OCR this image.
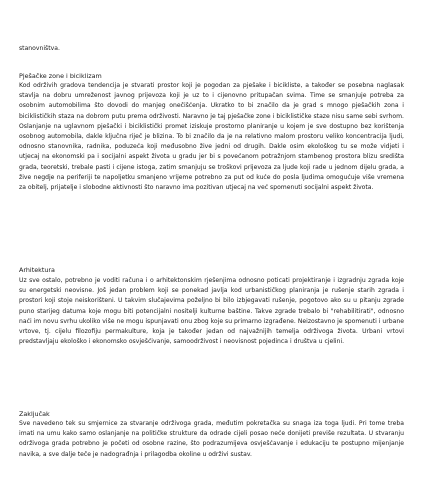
stanovništva.
Pješačke zone i biciklizam
Kod održivih gradova tendencija je stvarati prostor koji je pogodan za pješake i bicikliste, a također se posebna naglasak stavlja na dobru umreženost javnog prijevoza koji je uz to i cijenovno pritupačan svima. Time se smanjuje potreba za osobnim automobilima što dovodi do manjeg onečišćenja. Ukratko to bi značilo da je grad s mnogo pješačkih zona i biciklističkih staza na dobrom putu prema održivosti. Naravno je taj pješačke zone i biciklističke staze nisu same sebi svrhom. Oslanjanje na uglavnom pješački i biciklistički promet iziskuje prostorno planiranje u kojem je sve dostupno bez korištenja osobnog automobila, dakle ključna riječ je blizina. To bi značilo da je na relativno malom prostoru veliko koncentracija ljudi, odnosno stanovnika, radnika, poduzeća koji međusobno žive jedni od drugih. Dakle osim ekološkog tu se može vidjeti i utjecaj na ekonomski pa i socijalni aspekt života u gradu jer bi s povećanom potražnjom stambenog prostora blizu središta grada, teoretski, trebale pasti i cijene istoga, zatim smanjuju se troškovi prijevoza za ljude koji rade u jednom dijelu grada, a žive negdje na periferiji te napoljetku smanjeno vrijeme potrebno za put od kuće do posla ljudima omogućuje više vremena za obitelj, prijatelje i slobodne aktivnosti što naravno ima pozitivan utjecaj na već spomenuti socijalni aspekt života.
Arhitektura
Uz sve ostalo, potrebno je voditi računa i o arhitektonskim rješenjima odnosno poticati projektiranje i izgradnju zgrada koje su energetski neovisne. Još jedan problem koji se ponekad javlja kod urbanističkog planiranja je rušenje starih zgrada i prostori koji stoje neiskorišteni. U takvim slučajevima poželjno bi bilo izbjegavati rušenje, pogotovo ako su u pitanju zgrade puno starijeg datuma koje mogu biti potencijalni nositelji kulturne baštine. Takve zgrade trebalo bi "rehabilitirati", odnosno naći im novu svrhu ukoliko više ne mogu ispunjavati onu zbog koje su primarno izgrađene. Neizostavno je spomenuti i urbane vrtove, tj. cijelu filozofiju permakulture, koja je također jedan od najvažnijih temelja održivoga života. Urbani vrtovi predstavljaju ekološko i ekonomsko osvješćivanje, samoodrživost i neovisnost pojedinca i društva u cjelini.
Zaključak
Sve navedeno tek su smjernice za stvaranje održivoga grada, međutim pokretačka su snaga iza toga ljudi. Pri tome treba imati na umu kako samo oslanjanje na političke strukture da odrade cijeli posao neće donijeti previše rezultata. U stvaranju održivoga grada potrebno je početi od osobne razine, što podrazumijeva osvješćavanje i edukaciju te postupno mijenjanje navika, a sve dalje teče je nadograđnja i prilagodba okoline u održivi sustav.
